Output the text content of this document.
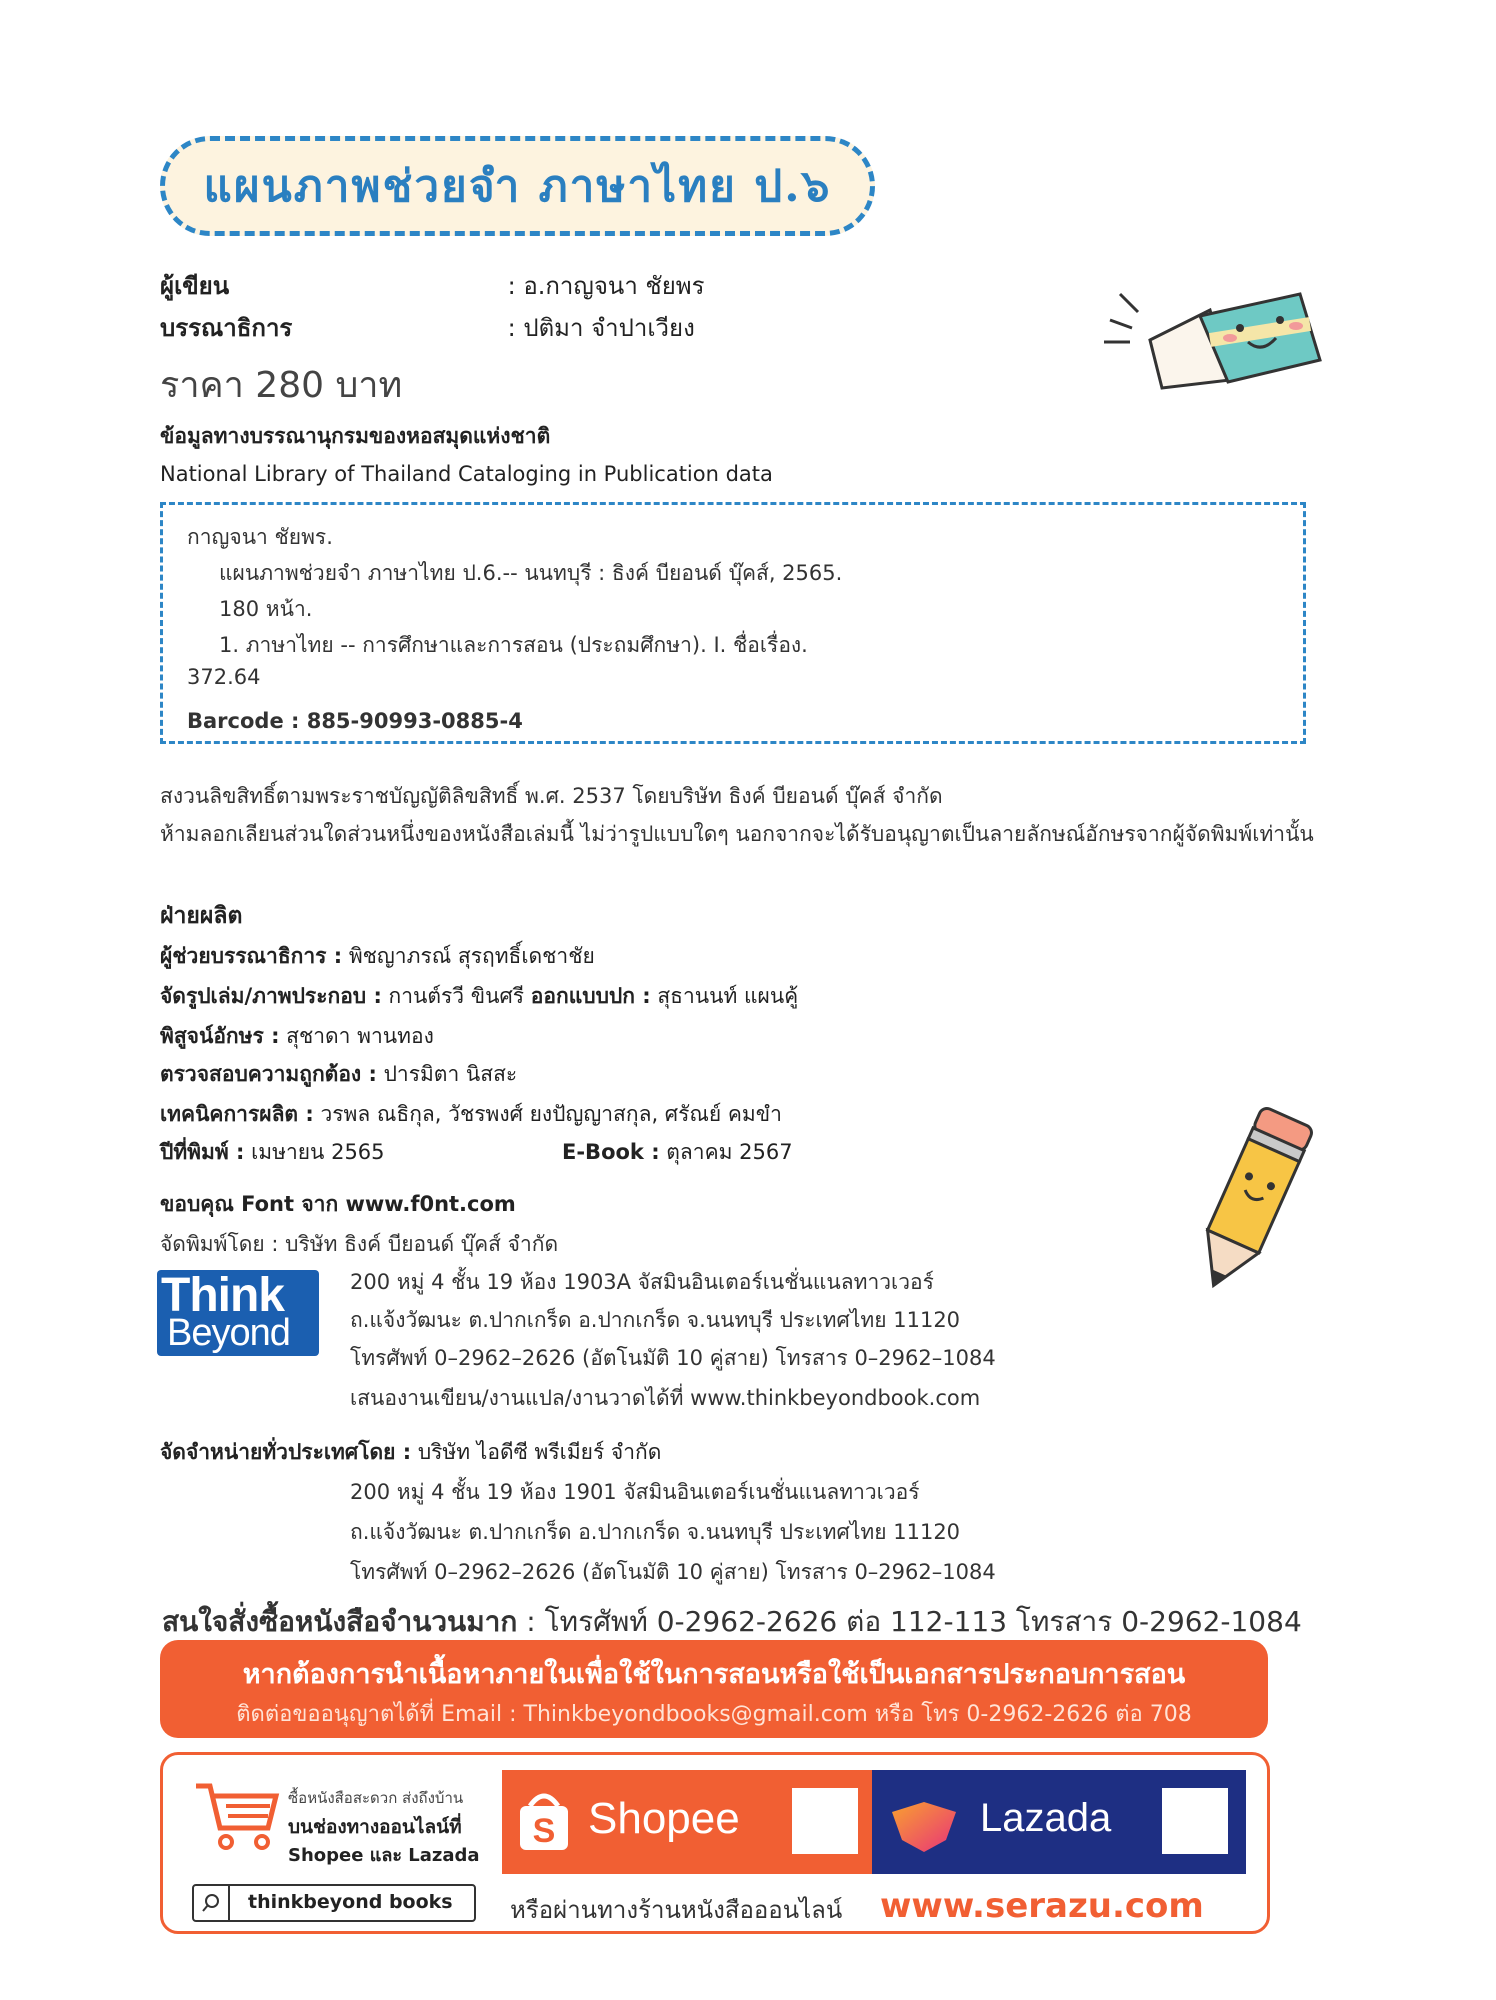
แผนภาพช่วยจำ ภาษาไทย ป.๖
ผู้เขียน	: อ.กาญจนา ชัยพร
บรรณาธิการ	: ปติมา จำปาเวียง
ราคา 280 บาท
ข้อมูลทางบรรณานุกรมของหอสมุดแห่งชาติ
National Library of Thailand Cataloging in Publication data
กาญจนา ชัยพร.
แผนภาพช่วยจำ ภาษาไทย ป.6.-- นนทบุรี : ธิงค์ บียอนด์ บุ๊คส์, 2565.
180 หน้า.
1. ภาษาไทย -- การศึกษาและการสอน (ประถมศึกษา). I. ชื่อเรื่อง.
372.64
Barcode : 885-90993-0885-4
สงวนลิขสิทธิ์ตามพระราชบัญญัติลิขสิทธิ์ พ.ศ. 2537 โดยบริษัท ธิงค์ บียอนด์ บุ๊คส์ จำกัด
ห้ามลอกเลียนส่วนใดส่วนหนึ่งของหนังสือเล่มนี้ ไม่ว่ารูปแบบใดๆ นอกจากจะได้รับอนุญาตเป็นลายลักษณ์อักษรจากผู้จัดพิมพ์เท่านั้น
ฝ่ายผลิต
ผู้ช่วยบรรณาธิการ : พิชญาภรณ์ สุรฤทธิ์เดชาชัย
จัดรูปเล่ม/ภาพประกอบ : กานต์รวี ขินศรี ออกแบบปก : สุธานนท์ แผนคู้
พิสูจน์อักษร : สุชาดา พานทอง
ตรวจสอบความถูกต้อง : ปารมิตา นิสสะ
เทคนิคการผลิต : วรพล ณธิกุล, วัชรพงศ์ ยงปัญญาสกุล, ศรัณย์ คมขำ
ปีที่พิมพ์ : เมษายน 2565	E-Book : ตุลาคม 2567
ขอบคุณ Font จาก www.f0nt.com
จัดพิมพ์โดย : บริษัท ธิงค์ บียอนด์ บุ๊คส์ จำกัด
Think
Beyond
200 หมู่ 4 ชั้น 19 ห้อง 1903A จัสมินอินเตอร์เนชั่นแนลทาวเวอร์
ถ.แจ้งวัฒนะ ต.ปากเกร็ด อ.ปากเกร็ด จ.นนทบุรี ประเทศไทย 11120
โทรศัพท์ 0–2962–2626 (อัตโนมัติ 10 คู่สาย) โทรสาร 0–2962–1084
เสนองานเขียน/งานแปล/งานวาดได้ที่ www.thinkbeyondbook.com
จัดจำหน่ายทั่วประเทศโดย : บริษัท ไอดีซี พรีเมียร์ จำกัด
200 หมู่ 4 ชั้น 19 ห้อง 1901 จัสมินอินเตอร์เนชั่นแนลทาวเวอร์
ถ.แจ้งวัฒนะ ต.ปากเกร็ด อ.ปากเกร็ด จ.นนทบุรี ประเทศไทย 11120
โทรศัพท์ 0–2962–2626 (อัตโนมัติ 10 คู่สาย) โทรสาร 0–2962–1084
สนใจสั่งซื้อหนังสือจำนวนมาก : โทรศัพท์ 0-2962-2626 ต่อ 112-113 โทรสาร 0-2962-1084
หากต้องการนำเนื้อหาภายในเพื่อใช้ในการสอนหรือใช้เป็นเอกสารประกอบการสอน
ติดต่อขออนุญาตได้ที่ Email : Thinkbeyondbooks@gmail.com หรือ โทร 0-2962-2626 ต่อ 708
ซื้อหนังสือสะดวก ส่งถึงบ้าน
บนช่องทางออนไลน์ที่
Shopee และ Lazada
S Shopee	Lazada
thinkbeyond books หรือผ่านทางร้านหนังสือออนไลน์ www.serazu.com
